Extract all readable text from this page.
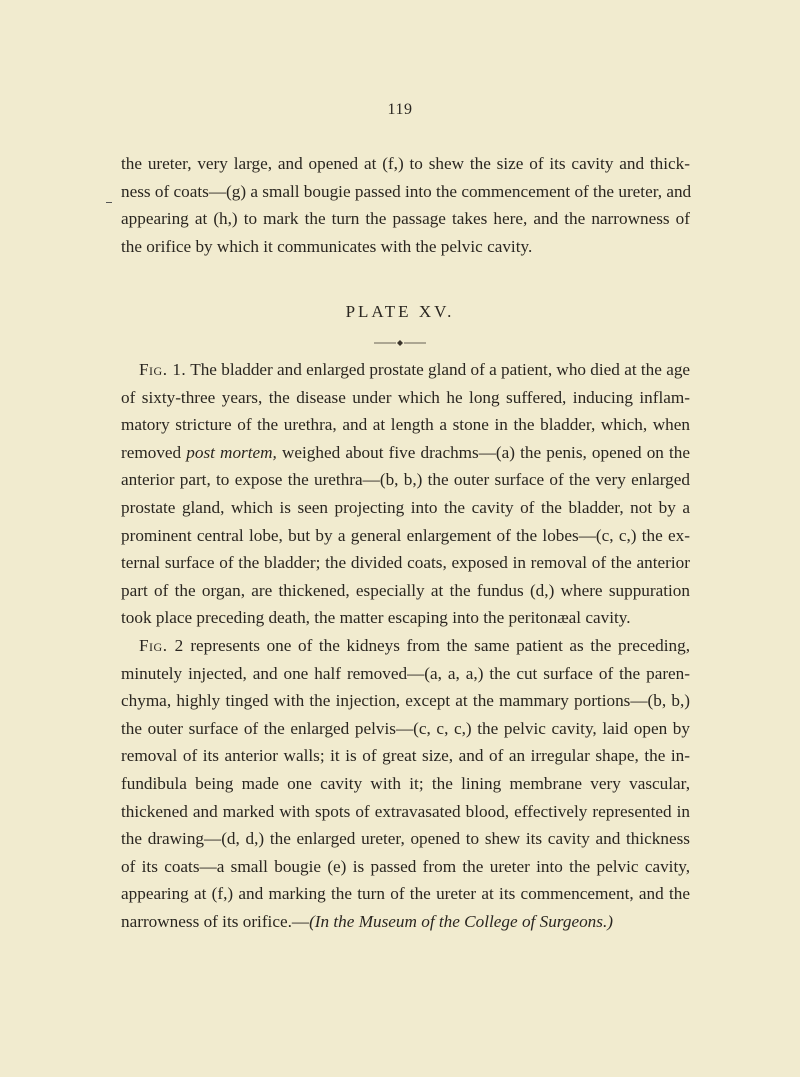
119
the ureter, very large, and opened at (f,) to shew the size of its cavity and thick-
ness of coats—(g) a small bougie passed into the commencement of the ureter, and
appearing at (h,) to mark the turn the passage takes here, and the narrowness of
the orifice by which it communicates with the pelvic cavity.
PLATE XV.
Fig. 1. The bladder and enlarged prostate gland of a patient, who died at the age
of sixty-three years, the disease under which he long suffered, inducing inflam-
matory stricture of the urethra, and at length a stone in the bladder, which, when
removed post mortem, weighed about five drachms—(a) the penis, opened on the
anterior part, to expose the urethra—(b, b,) the outer surface of the very enlarged
prostate gland, which is seen projecting into the cavity of the bladder, not by a
prominent central lobe, but by a general enlargement of the lobes—(c, c,) the ex-
ternal surface of the bladder; the divided coats, exposed in removal of the anterior
part of the organ, are thickened, especially at the fundus (d,) where suppuration
took place preceding death, the matter escaping into the peritonæal cavity.
Fig. 2 represents one of the kidneys from the same patient as the preceding,
minutely injected, and one half removed—(a, a, a,) the cut surface of the paren-
chyma, highly tinged with the injection, except at the mammary portions—(b, b,)
the outer surface of the enlarged pelvis—(c, c, c,) the pelvic cavity, laid open by
removal of its anterior walls; it is of great size, and of an irregular shape, the in-
fundibula being made one cavity with it; the lining membrane very vascular,
thickened and marked with spots of extravasated blood, effectively represented in
the drawing—(d, d,) the enlarged ureter, opened to shew its cavity and thickness
of its coats—a small bougie (e) is passed from the ureter into the pelvic cavity,
appearing at (f,) and marking the turn of the ureter at its commencement, and the
narrowness of its orifice.—(In the Museum of the College of Surgeons.)
